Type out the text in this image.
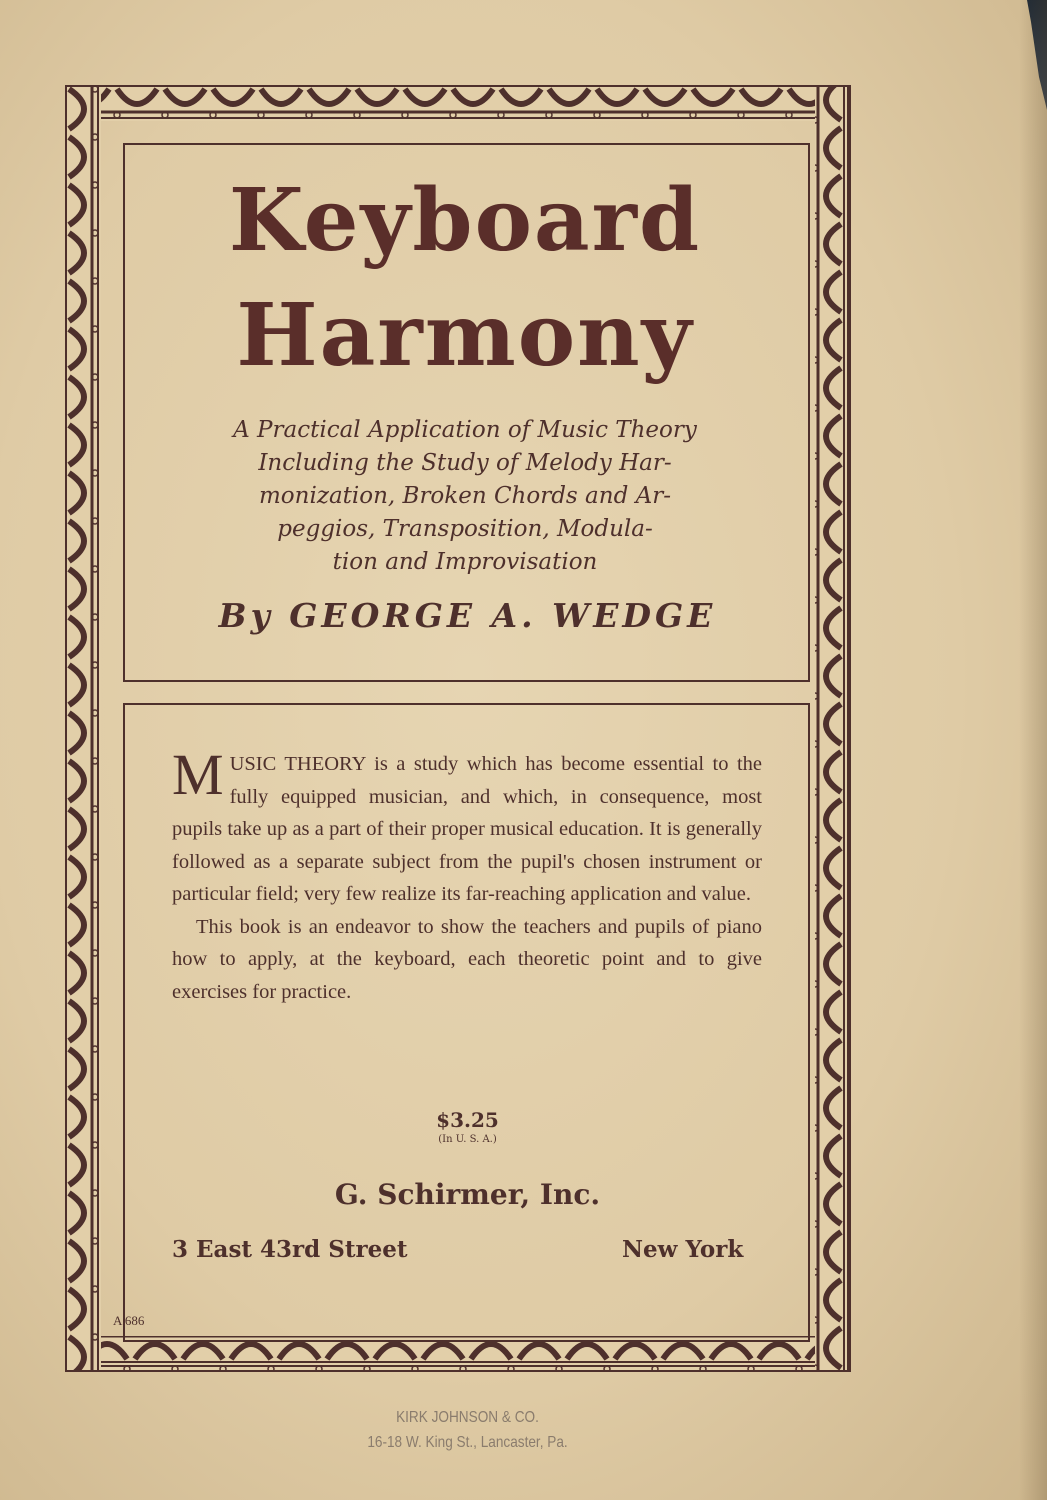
Keyboard
Harmony
A Practical Application of Music Theory
Including the Study of Melody Har-
monization, Broken Chords and Ar-
peggios, Transposition, Modula-
tion and Improvisation
By GEORGE A. WEDGE

MUSIC THEORY is a study which has become essential to the fully equipped musician, and which, in consequence, most pupils take up as a part of their proper musical education. It is generally followed as a separate subject from the pupil's chosen instrument or particular field; very few realize its far-reaching application and value.

This book is an endeavor to show the teachers and pupils of piano how to apply, at the keyboard, each theoretic point and to give exercises for practice.

$3.25
(In U. S. A.)
G. Schirmer, Inc.
3 East 43rd Street	New York
A 686
KIRK JOHNSON & CO.
16-18 W. King St., Lancaster, Pa.
